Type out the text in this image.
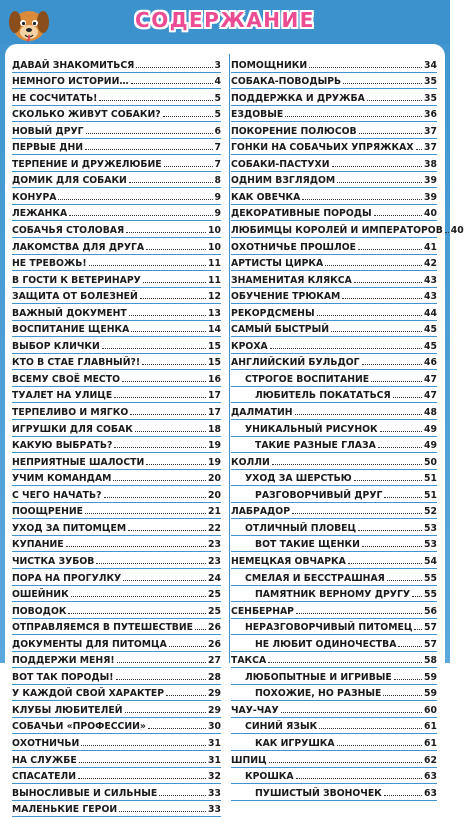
СОДЕРЖАНИЕ
ДАВАЙ ЗНАКОМИТЬСЯ	3
НЕМНОГО ИСТОРИИ…	4
НЕ СОСЧИТАТЬ!	5
СКОЛЬКО ЖИВУТ СОБАКИ?	5
НОВЫЙ ДРУГ	6
ПЕРВЫЕ ДНИ	7
ТЕРПЕНИЕ И ДРУЖЕЛЮБИЕ	7
ДОМИК ДЛЯ СОБАКИ	8
КОНУРА	9
ЛЕЖАНКА	9
СОБАЧЬЯ СТОЛОВАЯ	10
ЛАКОМСТВА ДЛЯ ДРУГА	10
НЕ ТРЕВОЖЬ!	11
В ГОСТИ К ВЕТЕРИНАРУ	11
ЗАЩИТА ОТ БОЛЕЗНЕЙ	12
ВАЖНЫЙ ДОКУМЕНТ	13
ВОСПИТАНИЕ ЩЕНКА	14
ВЫБОР КЛИЧКИ	15
КТО В СТАЕ ГЛАВНЫЙ?!	15
ВСЕМУ СВОЁ МЕСТО	16
ТУАЛЕТ НА УЛИЦЕ	17
ТЕРПЕЛИВО И МЯГКО	17
ИГРУШКИ ДЛЯ СОБАК	18
КАКУЮ ВЫБРАТЬ?	19
НЕПРИЯТНЫЕ ШАЛОСТИ	19
УЧИМ КОМАНДАМ	20
С ЧЕГО НАЧАТЬ?	20
ПООЩРЕНИЕ	21
УХОД ЗА ПИТОМЦЕМ	22
КУПАНИЕ	23
ЧИСТКА ЗУБОВ	23
ПОРА НА ПРОГУЛКУ	24
ОШЕЙНИК	25
ПОВОДОК	25
ОТПРАВЛЯЕМСЯ В ПУТЕШЕСТВИЕ 26
ДОКУМЕНТЫ ДЛЯ ПИТОМЦА	26
ПОДДЕРЖИ МЕНЯ!	27
ВОТ ТАК ПОРОДЫ!	28
У КАЖДОЙ СВОЙ ХАРАКТЕР	29
КЛУБЫ ЛЮБИТЕЛЕЙ	29
СОБАЧЬИ «ПРОФЕССИИ»	30
ОХОТНИЧЬИ	31
НА СЛУЖБЕ	31
СПАСАТЕЛИ	32
ВЫНОСЛИВЫЕ И СИЛЬНЫЕ	33
МАЛЕНЬКИЕ ГЕРОИ	33
ПОМОЩНИКИ	34
СОБАКА-ПОВОДЫРЬ	35
ПОДДЕРЖКА И ДРУЖБА	35
ЕЗДОВЫЕ	36
ПОКОРЕНИЕ ПОЛЮСОВ	37
ГОНКИ НА СОБАЧЬИХ УПРЯЖКАХ 37
СОБАКИ-ПАСТУХИ	38
ОДНИМ ВЗГЛЯДОМ	39
КАК ОВЕЧКА	39
ДЕКОРАТИВНЫЕ ПОРОДЫ	40
ЛЮБИМЦЫ КОРОЛЕЙ И ИМПЕРАТОРОВ 40
ОХОТНИЧЬЕ ПРОШЛОЕ	41
АРТИСТЫ ЦИРКА	42
ЗНАМЕНИТАЯ КЛЯКСА	43
ОБУЧЕНИЕ ТРЮКАМ	43
РЕКОРДСМЕНЫ	44
САМЫЙ БЫСТРЫЙ	45
КРОХА	45
АНГЛИЙСКИЙ БУЛЬДОГ	46
СТРОГОЕ ВОСПИТАНИЕ	47
ЛЮБИТЕЛЬ ПОКАТАТЬСЯ	47
ДАЛМАТИН	48
УНИКАЛЬНЫЙ РИСУНОК	49
ТАКИЕ РАЗНЫЕ ГЛАЗА	49
КОЛЛИ	50
УХОД ЗА ШЕРСТЬЮ	51
РАЗГОВОРЧИВЫЙ ДРУГ	51
ЛАБРАДОР	52
ОТЛИЧНЫЙ ПЛОВЕЦ	53
ВОТ ТАКИЕ ЩЕНКИ	53
НЕМЕЦКАЯ ОВЧАРКА	54
СМЕЛАЯ И БЕССТРАШНАЯ	55
ПАМЯТНИК ВЕРНОМУ ДРУГУ 55
СЕНБЕРНАР	56
НЕРАЗГОВОРЧИВЫЙ ПИТОМЕЦ 57
НЕ ЛЮБИТ ОДИНОЧЕСТВА	57
ТАКСА	58
ЛЮБОПЫТНЫЕ И ИГРИВЫЕ	59
ПОХОЖИЕ, НО РАЗНЫЕ	59
ЧАУ-ЧАУ	60
СИНИЙ ЯЗЫК	61
КАК ИГРУШКА	61
ШПИЦ	62
КРОШКА	63
ПУШИСТЫЙ ЗВОНОЧЕК	63
